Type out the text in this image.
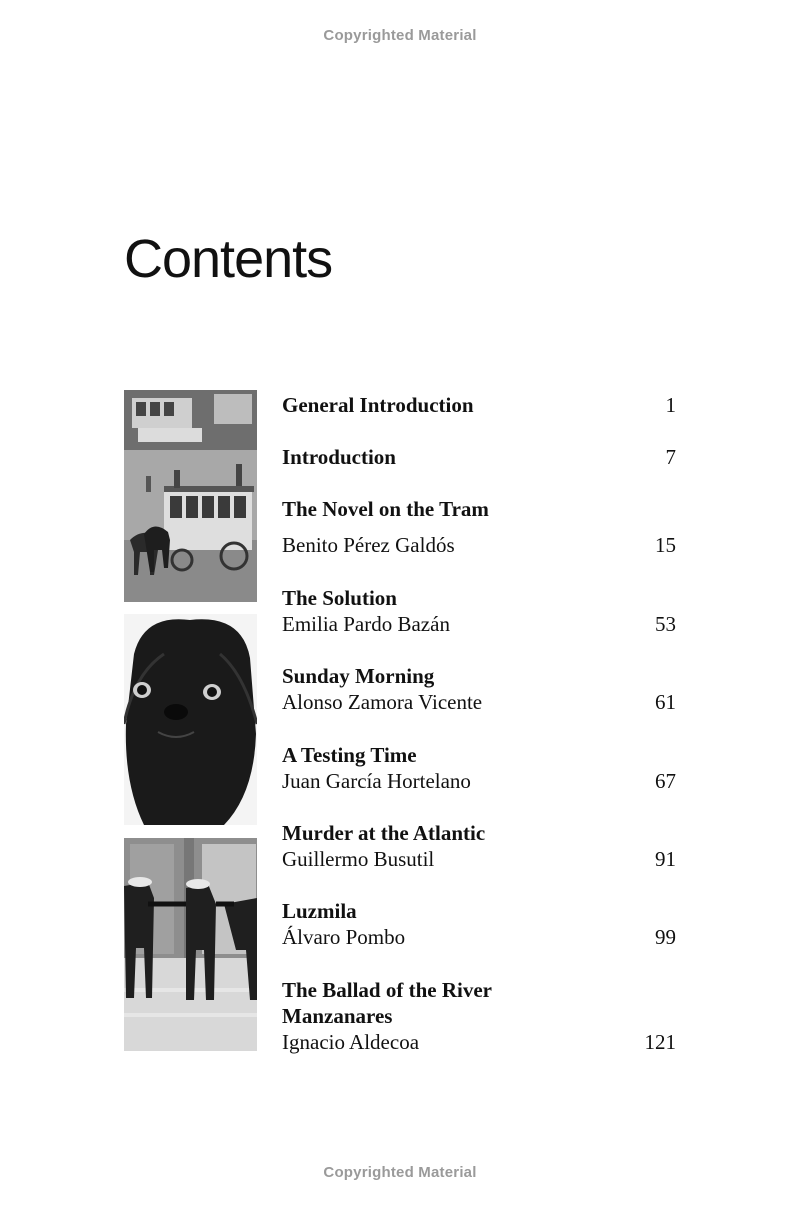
Copyrighted Material
Contents
General Introduction	1
Introduction	7
The Novel on the Tram
Benito Pérez Galdós	15
The Solution
Emilia Pardo Bazán	53
Sunday Morning
Alonso Zamora Vicente	61
A Testing Time
Juan García Hortelano	67
Murder at the Atlantic
Guillermo Busutil	91
Luzmila
Álvaro Pombo	99
The Ballad of the River Manzanares
Ignacio Aldecoa	121
Copyrighted Material
